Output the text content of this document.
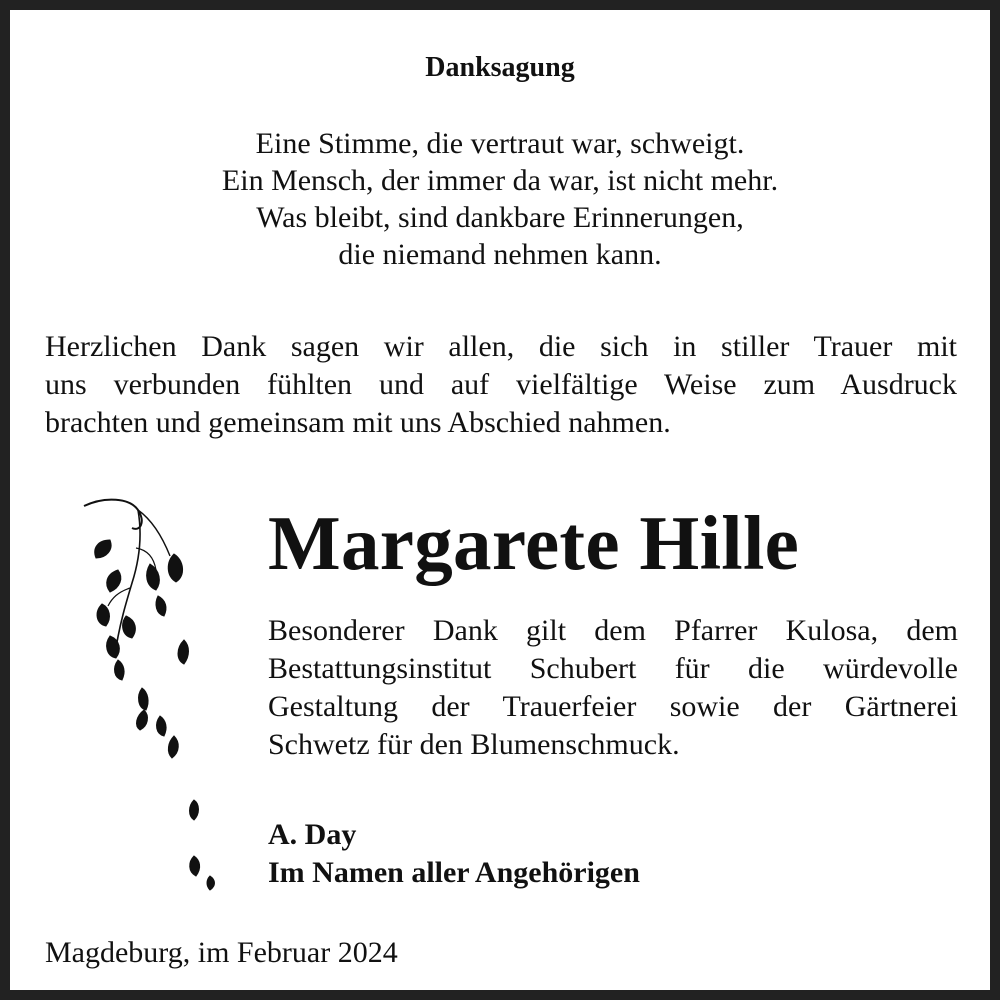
Danksagung
Eine Stimme, die vertraut war, schweigt.
Ein Mensch, der immer da war, ist nicht mehr.
Was bleibt, sind dankbare Erinnerungen,
die niemand nehmen kann.
Herzlichen Dank sagen wir allen, die sich in stiller Trauer mit
uns verbunden fühlten und auf vielfältige Weise zum Ausdruck
brachten und gemeinsam mit uns Abschied nahmen.
Margarete Hille
Besonderer Dank gilt dem Pfarrer Kulosa, dem
Bestattungsinstitut Schubert für die würdevolle
Gestaltung der Trauerfeier sowie der Gärtnerei
Schwetz für den Blumenschmuck.
A. Day
Im Namen aller Angehörigen
Magdeburg, im Februar 2024
